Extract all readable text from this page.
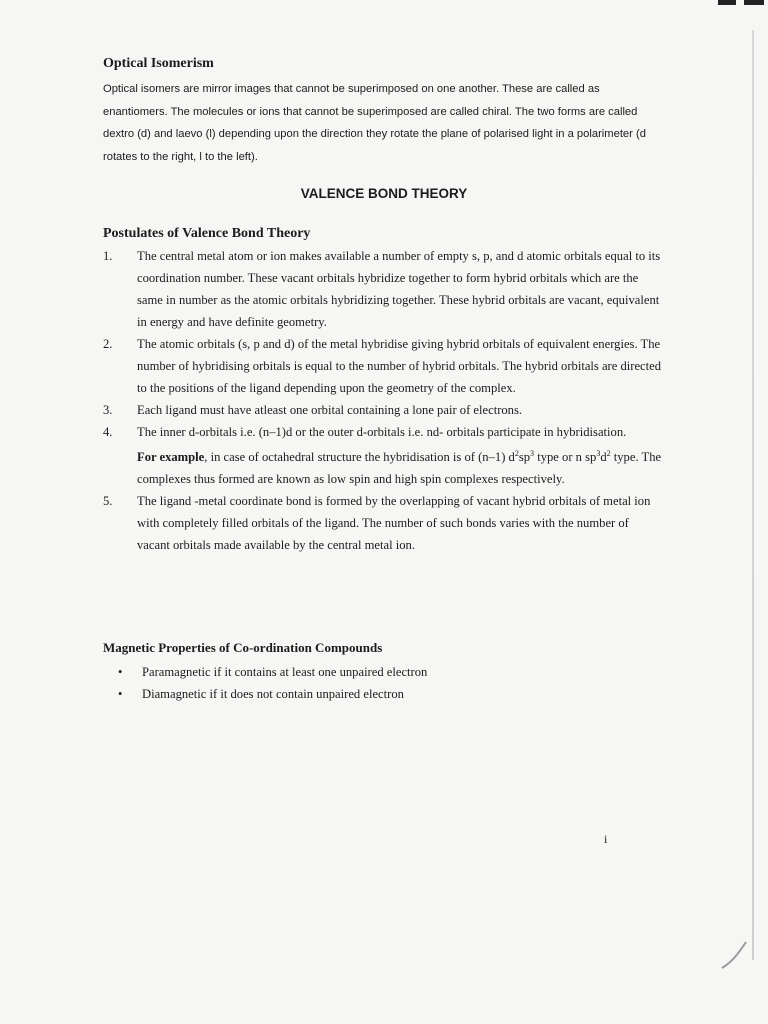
Optical Isomerism
Optical isomers are mirror images that cannot be superimposed on one another. These are called as enantiomers. The molecules or ions that cannot be superimposed are called chiral. The two forms are called dextro (d) and laevo (l) depending upon the direction they rotate the plane of polarised light in a polarimeter (d rotates to the right, l to the left).
VALENCE BOND THEORY
Postulates of Valence Bond Theory
1. The central metal atom or ion makes available a number of empty s, p, and d atomic orbitals equal to its coordination number. These vacant orbitals hybridize together to form hybrid orbitals which are the same in number as the atomic orbitals hybridizing together. These hybrid orbitals are vacant, equivalent in energy and have definite geometry.

2. The atomic orbitals (s, p and d) of the metal hybridise giving hybrid orbitals of equivalent energies. The number of hybridising orbitals is equal to the number of hybrid orbitals. The hybrid orbitals are directed to the positions of the ligand depending upon the geometry of the complex.

3. Each ligand must have atleast one orbital containing a lone pair of electrons.

4. The inner d-orbitals i.e. (n–1)d or the outer d-orbitals i.e. nd- orbitals participate in hybridisation.

For example, in case of octahedral structure the hybridisation is of (n–1) $d^2sp^3$ type or n $sp^3d^2$ type. The complexes thus formed are known as low spin and high spin complexes respectively.

5. The ligand -metal coordinate bond is formed by the overlapping of vacant hybrid orbitals of metal ion with completely filled orbitals of the ligand. The number of such bonds varies with the number of vacant orbitals made available by the central metal ion.

Magnetic Properties of Co-ordination Compounds
• Paramagnetic if it contains at least one unpaired electron
• Diamagnetic if it does not contain unpaired electron
i
